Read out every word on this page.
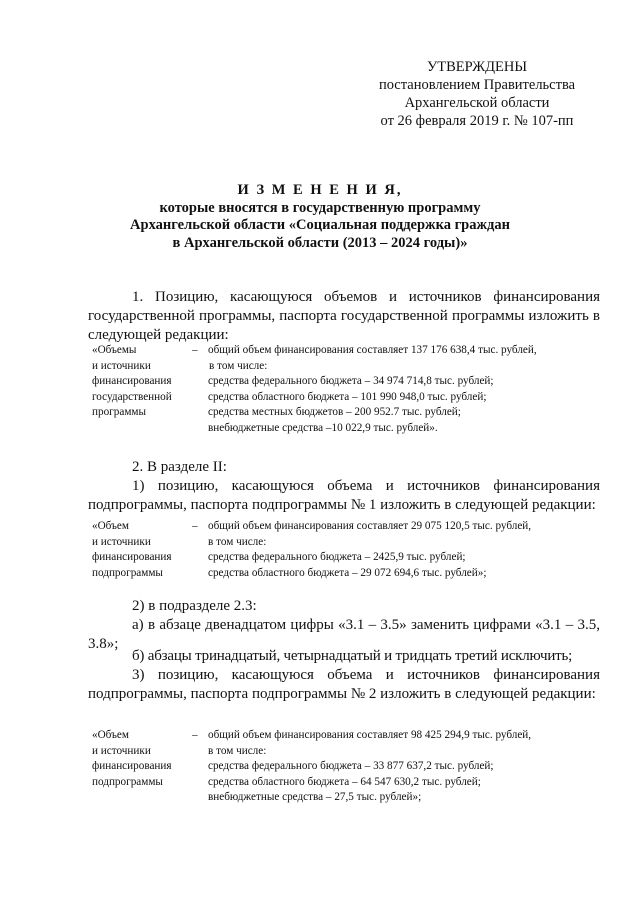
УТВЕРЖДЕНЫ
постановлением Правительства
Архангельской области
от 26 февраля 2019 г. № 107-пп
И З М Е Н Е Н И Я,
которые вносятся в государственную программу
Архангельской области «Социальная поддержка граждан
в Архангельской области (2013 – 2024 годы)»
1. Позицию, касающуюся объемов и источников финансирования государственной программы, паспорта государственной программы изложить в следующей редакции:
«Объемы
и источники
финансирования
государственной
программы
– общий объем финансирования составляет 137 176 638,4 тыс. рублей,
в том числе:
средства федерального бюджета – 34 974 714,8 тыс. рублей;
средства областного бюджета – 101 990 948,0 тыс. рублей;
средства местных бюджетов – 200 952.7 тыс. рублей;
внебюджетные средства –10 022,9 тыс. рублей».
2. В разделе II:
1) позицию, касающуюся объема и источников финансирования подпрограммы, паспорта подпрограммы № 1 изложить в следующей редакции:
«Объем
и источники
финансирования
подпрограммы
– общий объем финансирования составляет 29 075 120,5 тыс. рублей,
в том числе:
средства федерального бюджета – 2425,9 тыс. рублей;
средства областного бюджета – 29 072 694,6 тыс. рублей»;
2) в подразделе 2.3:
а) в абзаце двенадцатом цифры «3.1 – 3.5» заменить цифрами «3.1 – 3.5, 3.8»;
б) абзацы тринадцатый, четырнадцатый и тридцать третий исключить;
3) позицию, касающуюся объема и источников финансирования подпрограммы, паспорта подпрограммы № 2 изложить в следующей редакции:
«Объем
и источники
финансирования
подпрограммы
– общий объем финансирования составляет 98 425 294,9 тыс. рублей,
в том числе:
средства федерального бюджета – 33 877 637,2 тыс. рублей;
средства областного бюджета – 64 547 630,2 тыс. рублей;
внебюджетные средства – 27,5 тыс. рублей»;
